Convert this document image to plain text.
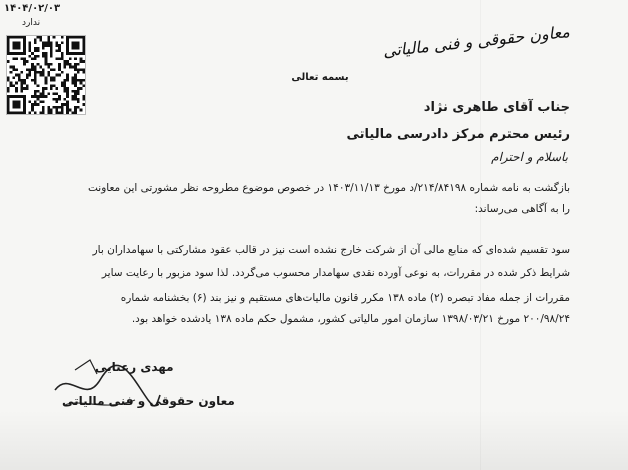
۱۴۰۴/۰۲/۰۳
ندارد	معاون حقوقی و فنی مالیاتی
بسمه تعالی
جناب آقای طاهری نژاد
رئیس محترم مرکز دادرسی مالیاتی
باسلام و احترام
بازگشت به نامه شماره ۲۱۴/۸۴۱۹۸/د مورخ ۱۴۰۳/۱۱/۱۳ در خصوص موضوع مطروحه نظر مشورتی این معاونت
را به آگاهی می‌رساند:
سود تقسیم شده‌ای که منابع مالی آن از شرکت خارج نشده است نیز در قالب عقود مشارکتی با سهامداران بار
شرایط ذکر شده در مقررات، به نوعی آورده نقدی سهامدار محسوب می‌گردد. لذا سود مزبور با رعایت سایر
مقررات از جمله مفاد تبصره (۲) ماده ۱۳۸ مکرر قانون مالیات‌های مستقیم و نیز بند (۶) بخشنامه شماره
۲۰۰/۹۸/۲۴ مورخ ۱۳۹۸/۰۳/۲۱ سازمان امور مالیاتی کشور، مشمول حکم ماده ۱۳۸ یادشده خواهد بود.
مهدی رعنایی
معاون حقوقی و فنی مالیاتی
